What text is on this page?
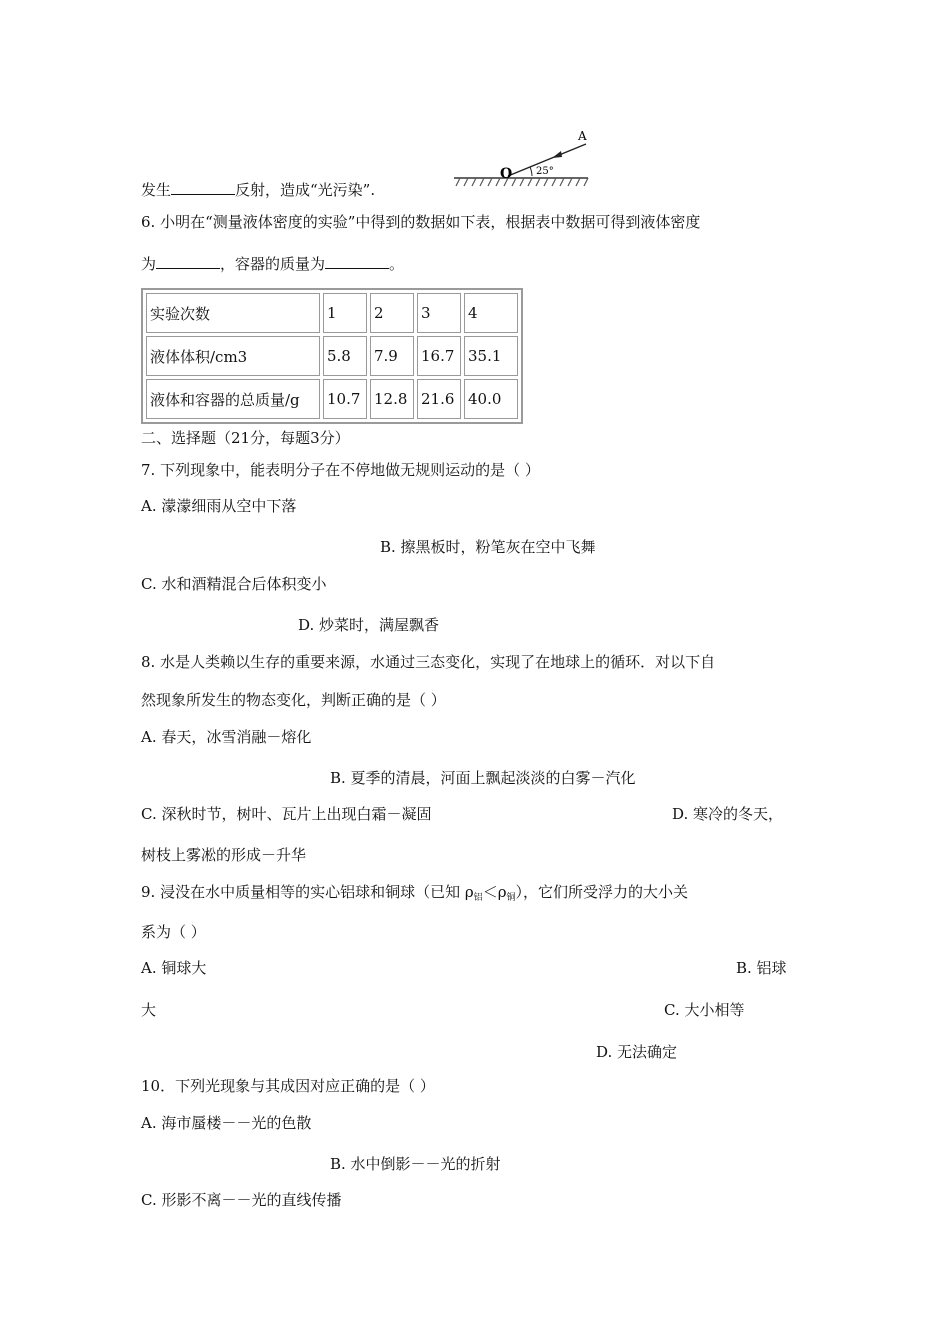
A
O 25°
发生	反射，造成“光污染”.
6. 小明在“测量液体密度的实验”中得到的数据如下表，根据表中数据可得到液体密度
为	，容器的质量为	。
实验次数	1	2	3	4
液体体积/cm3	5.8	7.9	16.7	35.1
液体和容器的总质量/g	10.7	12.8	21.6	40.0
二、选择题（21分，每题3分）
7. 下列现象中，能表明分子在不停地做无规则运动的是（ ）
A. 濛濛细雨从空中下落
B. 擦黑板时，粉笔灰在空中飞舞
C. 水和酒精混合后体积变小
D. 炒菜时，满屋飘香
8. 水是人类赖以生存的重要来源，水通过三态变化，实现了在地球上的循环．对以下自
然现象所发生的物态变化，判断正确的是（ ）
A. 春天，冰雪消融－熔化
B. 夏季的清晨，河面上飘起淡淡的白雾－汽化
C. 深秋时节，树叶、瓦片上出现白霜－凝固	D. 寒冷的冬天，
树枝上雾凇的形成－升华
9. 浸没在水中质量相等的实心铝球和铜球（已知 $\rho_铝<\rho_铜$），它们所受浮力的大小关
系为（ ）
A. 铜球大	B. 铝球
大	C. 大小相等
D. 无法确定
10．下列光现象与其成因对应正确的是（ ）
A. 海市蜃楼－－光的色散
B. 水中倒影－－光的折射
C. 形影不离－－光的直线传播
